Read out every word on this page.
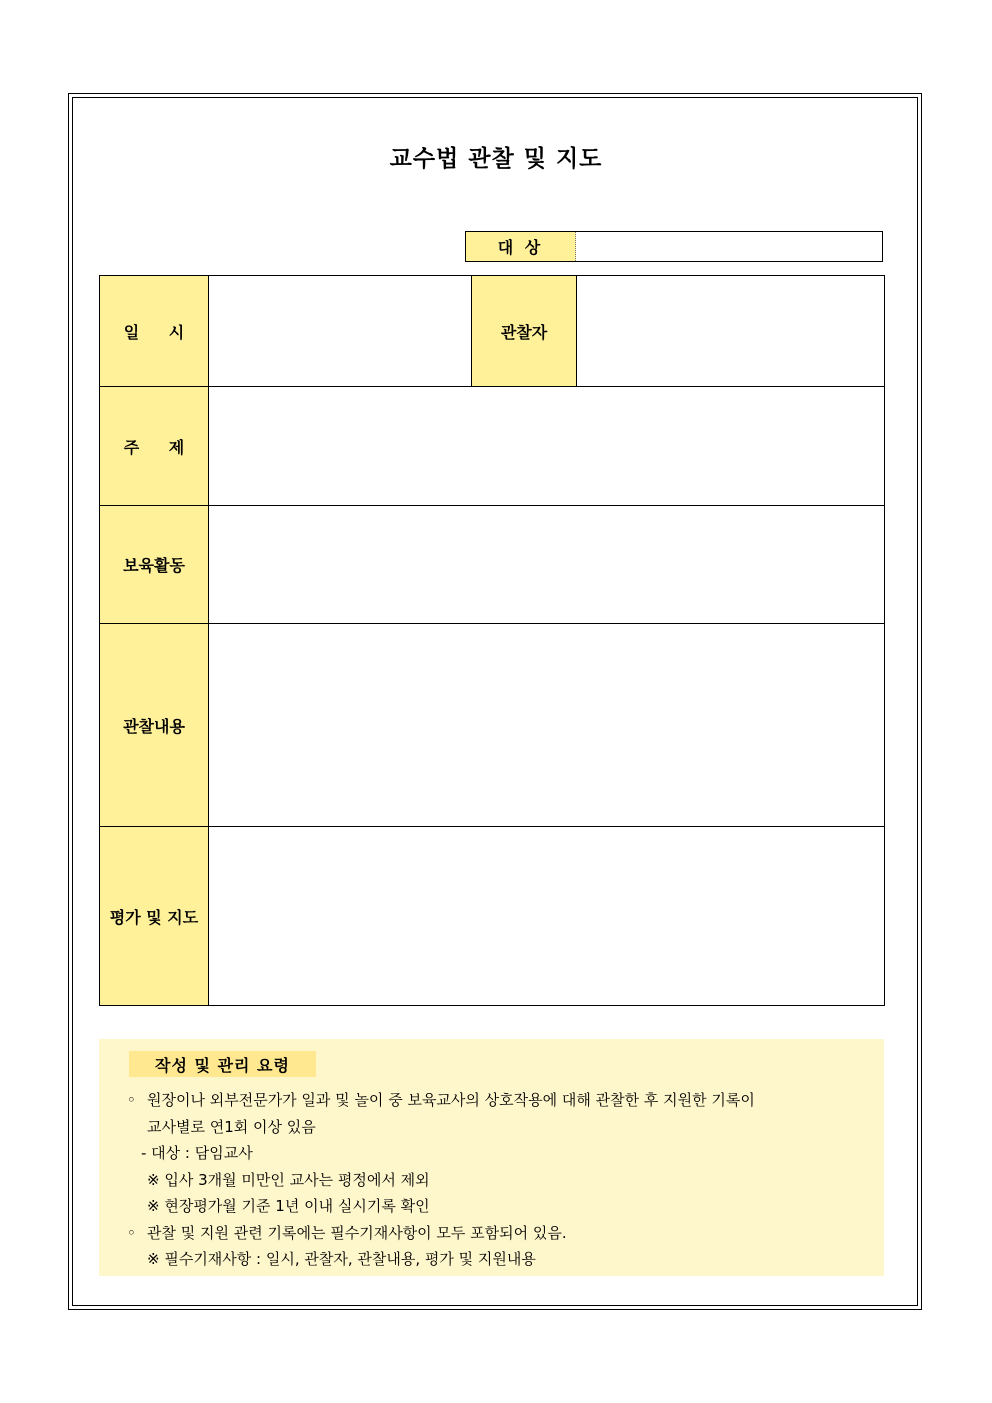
교수법 관찰 및 지도
대 상
일 시	관찰자
주 제
보육활동
관찰내용
평가 및 지도
작성 및 관리 요령
◦ 원장이나 외부전문가가 일과 및 놀이 중 보육교사의 상호작용에 대해 관찰한 후 지원한 기록이
교사별로 연1회 이상 있음
- 대상 : 담임교사
※ 입사 3개월 미만인 교사는 평정에서 제외
※ 현장평가월 기준 1년 이내 실시기록 확인
◦ 관찰 및 지원 관련 기록에는 필수기재사항이 모두 포함되어 있음.
※ 필수기재사항 : 일시, 관찰자, 관찰내용, 평가 및 지원내용
